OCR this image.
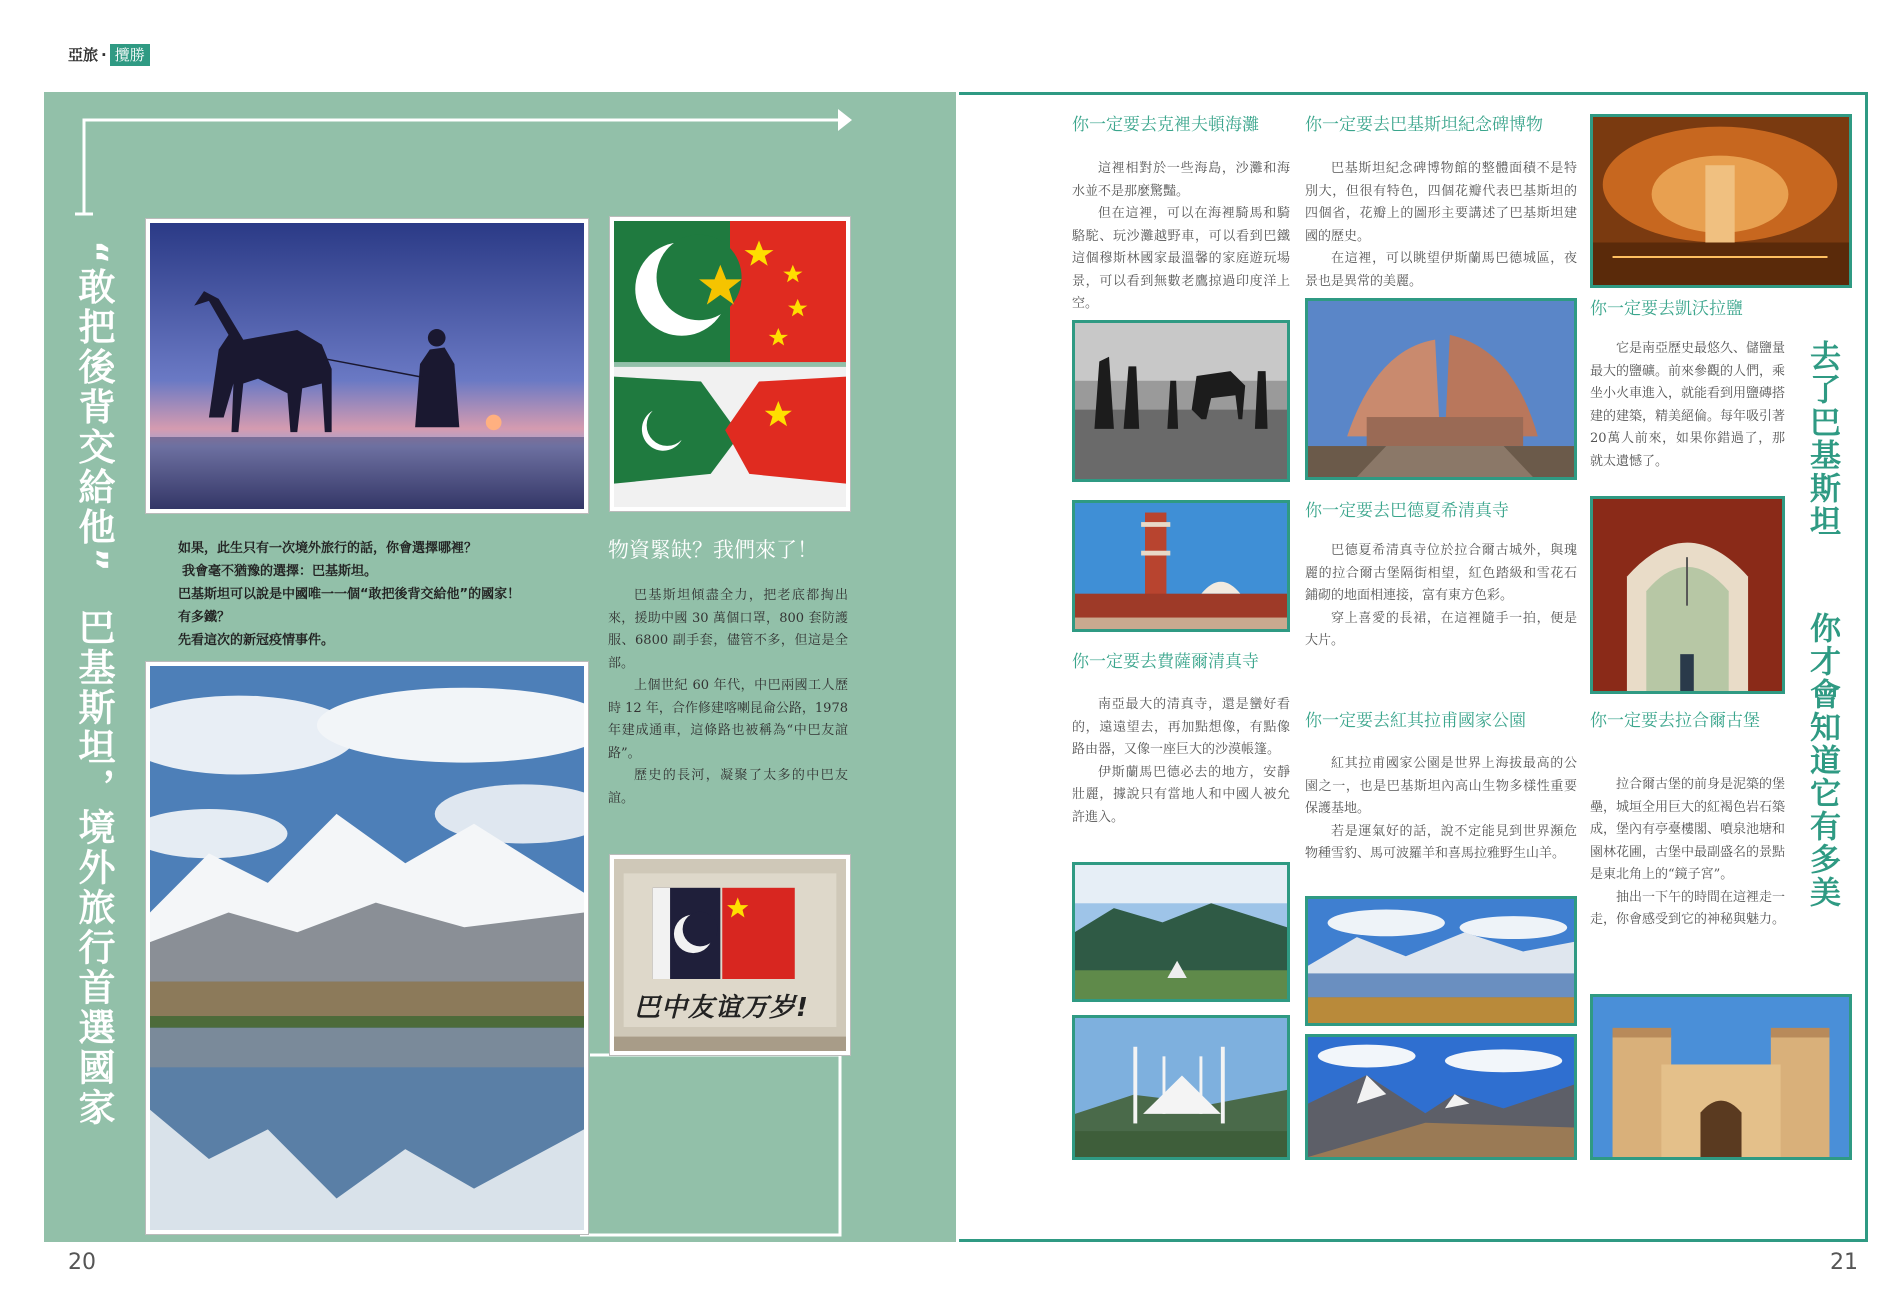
亞旅 · 攬勝
“敢把後背交給他”
巴基斯坦，境外旅行首選國家
如果，此生只有一次境外旅行的話，你會選擇哪裡？
我會毫不猶豫的選擇：巴基斯坦。
巴基斯坦可以說是中國唯一一個“敢把後背交給他”的國家！
有多鐵？
先看這次的新冠疫情事件。
物資緊缺？我們來了！
巴基斯坦傾盡全力，把老底都掏出來，援助中國 30 萬個口罩，800 套防護服、6800 副手套，儘管不多，但這是全部。
上個世紀 60 年代，中巴兩國工人歷時 12 年，合作修建喀喇昆侖公路，1978 年建成通車，這條路也被稱為“中巴友誼路”。
歷史的長河，凝聚了太多的中巴友誼。
巴中友谊万岁!
你一定要去克裡夫頓海灘
這裡相對於一些海島，沙灘和海水並不是那麼驚豔。
但在這裡，可以在海裡騎馬和騎駱駝、玩沙灘越野車，可以看到巴鐵這個穆斯林國家最溫馨的家庭遊玩場景，可以看到無數老鷹掠過印度洋上空。
你一定要去費薩爾清真寺
南亞最大的清真寺，還是蠻好看的，遠遠望去，再加點想像，有點像路由器，又像一座巨大的沙漠帳篷。
伊斯蘭馬巴德必去的地方，安靜壯麗，據說只有當地人和中國人被允許進入。
你一定要去巴基斯坦紀念碑博物
巴基斯坦紀念碑博物館的整體面積不是特別大，但很有特色，四個花瓣代表巴基斯坦的四個省，花瓣上的圖形主要講述了巴基斯坦建國的歷史。
在這裡，可以眺望伊斯蘭馬巴德城區，夜景也是異常的美麗。
你一定要去巴德夏希清真寺
巴德夏希清真寺位於拉合爾古城外，與瑰麗的拉合爾古堡隔街相望，紅色踏級和雪花石鋪砌的地面相連接，富有東方色彩。
穿上喜愛的長裙，在這裡隨手一拍，便是大片。
你一定要去紅其拉甫國家公園
紅其拉甫國家公園是世界上海拔最高的公園之一，也是巴基斯坦內高山生物多樣性重要保護基地。
若是運氣好的話，說不定能見到世界瀕危物種雪豹、馬可波羅羊和喜馬拉雅野生山羊。
你一定要去凱沃拉鹽
它是南亞歷史最悠久、儲鹽量最大的鹽礦。前來參觀的人們，乘坐小火車進入，就能看到用鹽磚搭建的建築，精美絕倫。每年吸引著20萬人前來，如果你錯過了，那就太遺憾了。
你一定要去拉合爾古堡
拉合爾古堡的前身是泥築的堡壘，城垣全用巨大的紅褐色岩石築成，堡內有亭臺樓閣、噴泉池塘和園林花圃，古堡中最副盛名的景點是東北角上的“鏡子宮”。
抽出一下午的時間在這裡走一走，你會感受到它的神秘與魅力。
去了巴基斯坦
你才會知道它有多美
20	21
